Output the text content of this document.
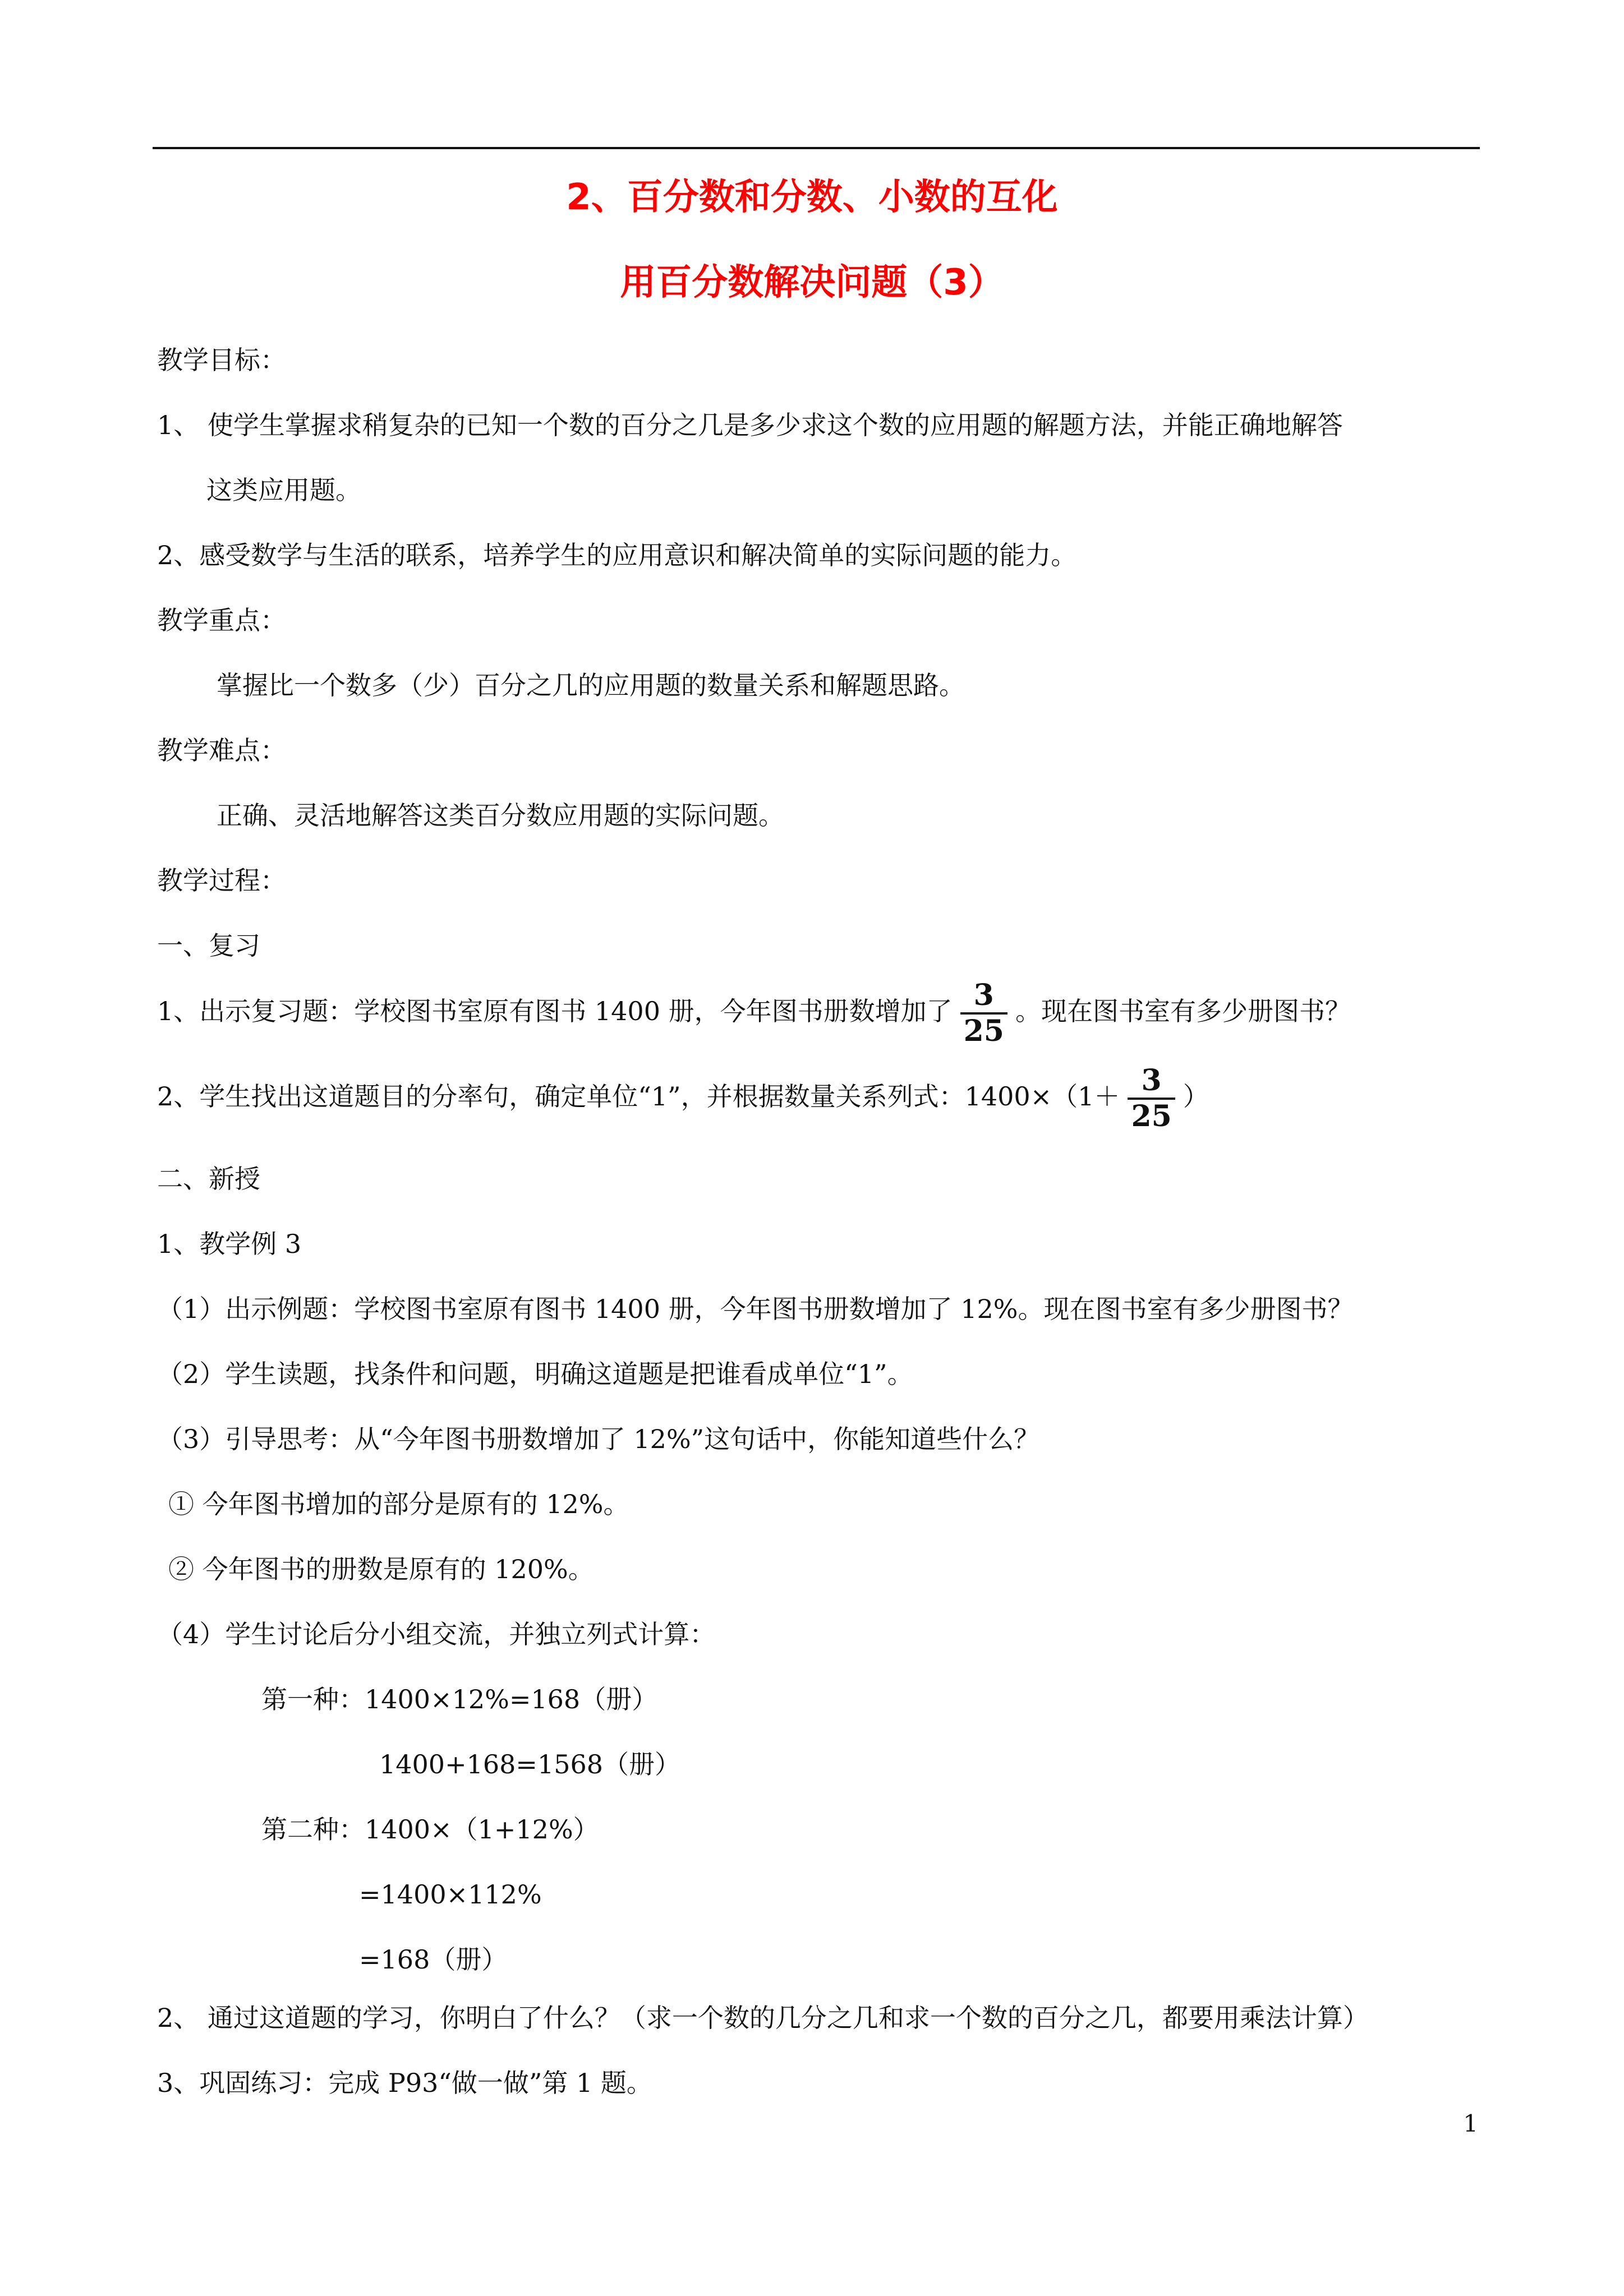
2、百分数和分数、小数的互化
用百分数解决问题（3）
教学目标：
1、 使学生掌握求稍复杂的已知一个数的百分之几是多少求这个数的应用题的解题方法，并能正确地解答
这类应用题。
2、感受数学与生活的联系，培养学生的应用意识和解决简单的实际问题的能力。
教学重点：
掌握比一个数多（少）百分之几的应用题的数量关系和解题思路。
教学难点：
正确、灵活地解答这类百分数应用题的实际问题。
教学过程：
一、复习
1、出示复习题：学校图书室原有图书 1400 册，今年图书册数增加了 $\frac{3}{25}$ 。现在图书室有多少册图书？
2、学生找出这道题目的分率句，确定单位“1”，并根据数量关系列式：$1400\times(1+ \frac{3}{25}$ ）
二、新授
1、教学例 3
（1）出示例题：学校图书室原有图书 1400 册，今年图书册数增加了 12%。现在图书室有多少册图书？
（2）学生读题，找条件和问题，明确这道题是把谁看成单位“1”。
（3）引导思考：从“今年图书册数增加了 12%”这句话中，你能知道些什么？
① 今年图书增加的部分是原有的 12%。
② 今年图书的册数是原有的 120%。
（4）学生讨论后分小组交流，并独立列式计算：
第一种：1400×12%=168（册）
1400+168=1568（册）
第二种：1400×（1+12%）
=1400×112%
=168（册）
2、 通过这道题的学习，你明白了什么？（求一个数的几分之几和求一个数的百分之几，都要用乘法计算）
3、巩固练习：完成 P93“做一做”第 1 题。
1
